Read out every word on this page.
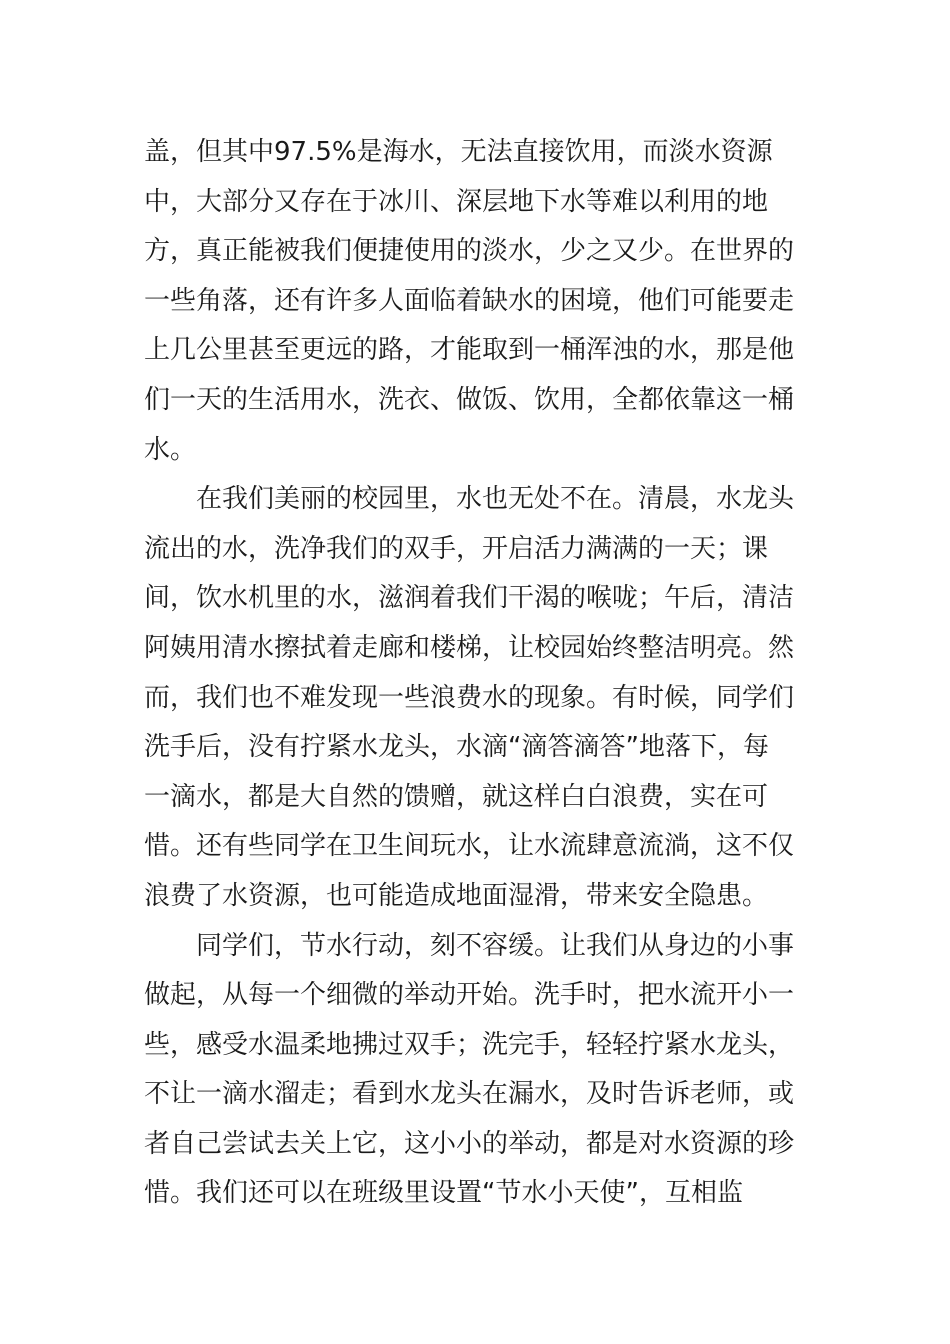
盖，但其中97.5%是海水，无法直接饮用，而淡水资源
中，大部分又存在于冰川、深层地下水等难以利用的地
方，真正能被我们便捷使用的淡水，少之又少。在世界的
一些角落，还有许多人面临着缺水的困境，他们可能要走
上几公里甚至更远的路，才能取到一桶浑浊的水，那是他
们一天的生活用水，洗衣、做饭、饮用，全都依靠这一桶
水。
在我们美丽的校园里，水也无处不在。清晨，水龙头
流出的水，洗净我们的双手，开启活力满满的一天；课
间，饮水机里的水，滋润着我们干渴的喉咙；午后，清洁
阿姨用清水擦拭着走廊和楼梯，让校园始终整洁明亮。然
而，我们也不难发现一些浪费水的现象。有时候，同学们
洗手后，没有拧紧水龙头，水滴“滴答滴答”地落下，每
一滴水，都是大自然的馈赠，就这样白白浪费，实在可
惜。还有些同学在卫生间玩水，让水流肆意流淌，这不仅
浪费了水资源，也可能造成地面湿滑，带来安全隐患。
同学们，节水行动，刻不容缓。让我们从身边的小事
做起，从每一个细微的举动开始。洗手时，把水流开小一
些，感受水温柔地拂过双手；洗完手，轻轻拧紧水龙头，
不让一滴水溜走；看到水龙头在漏水，及时告诉老师，或
者自己尝试去关上它，这小小的举动，都是对水资源的珍
惜。我们还可以在班级里设置“节水小天使”，互相监
